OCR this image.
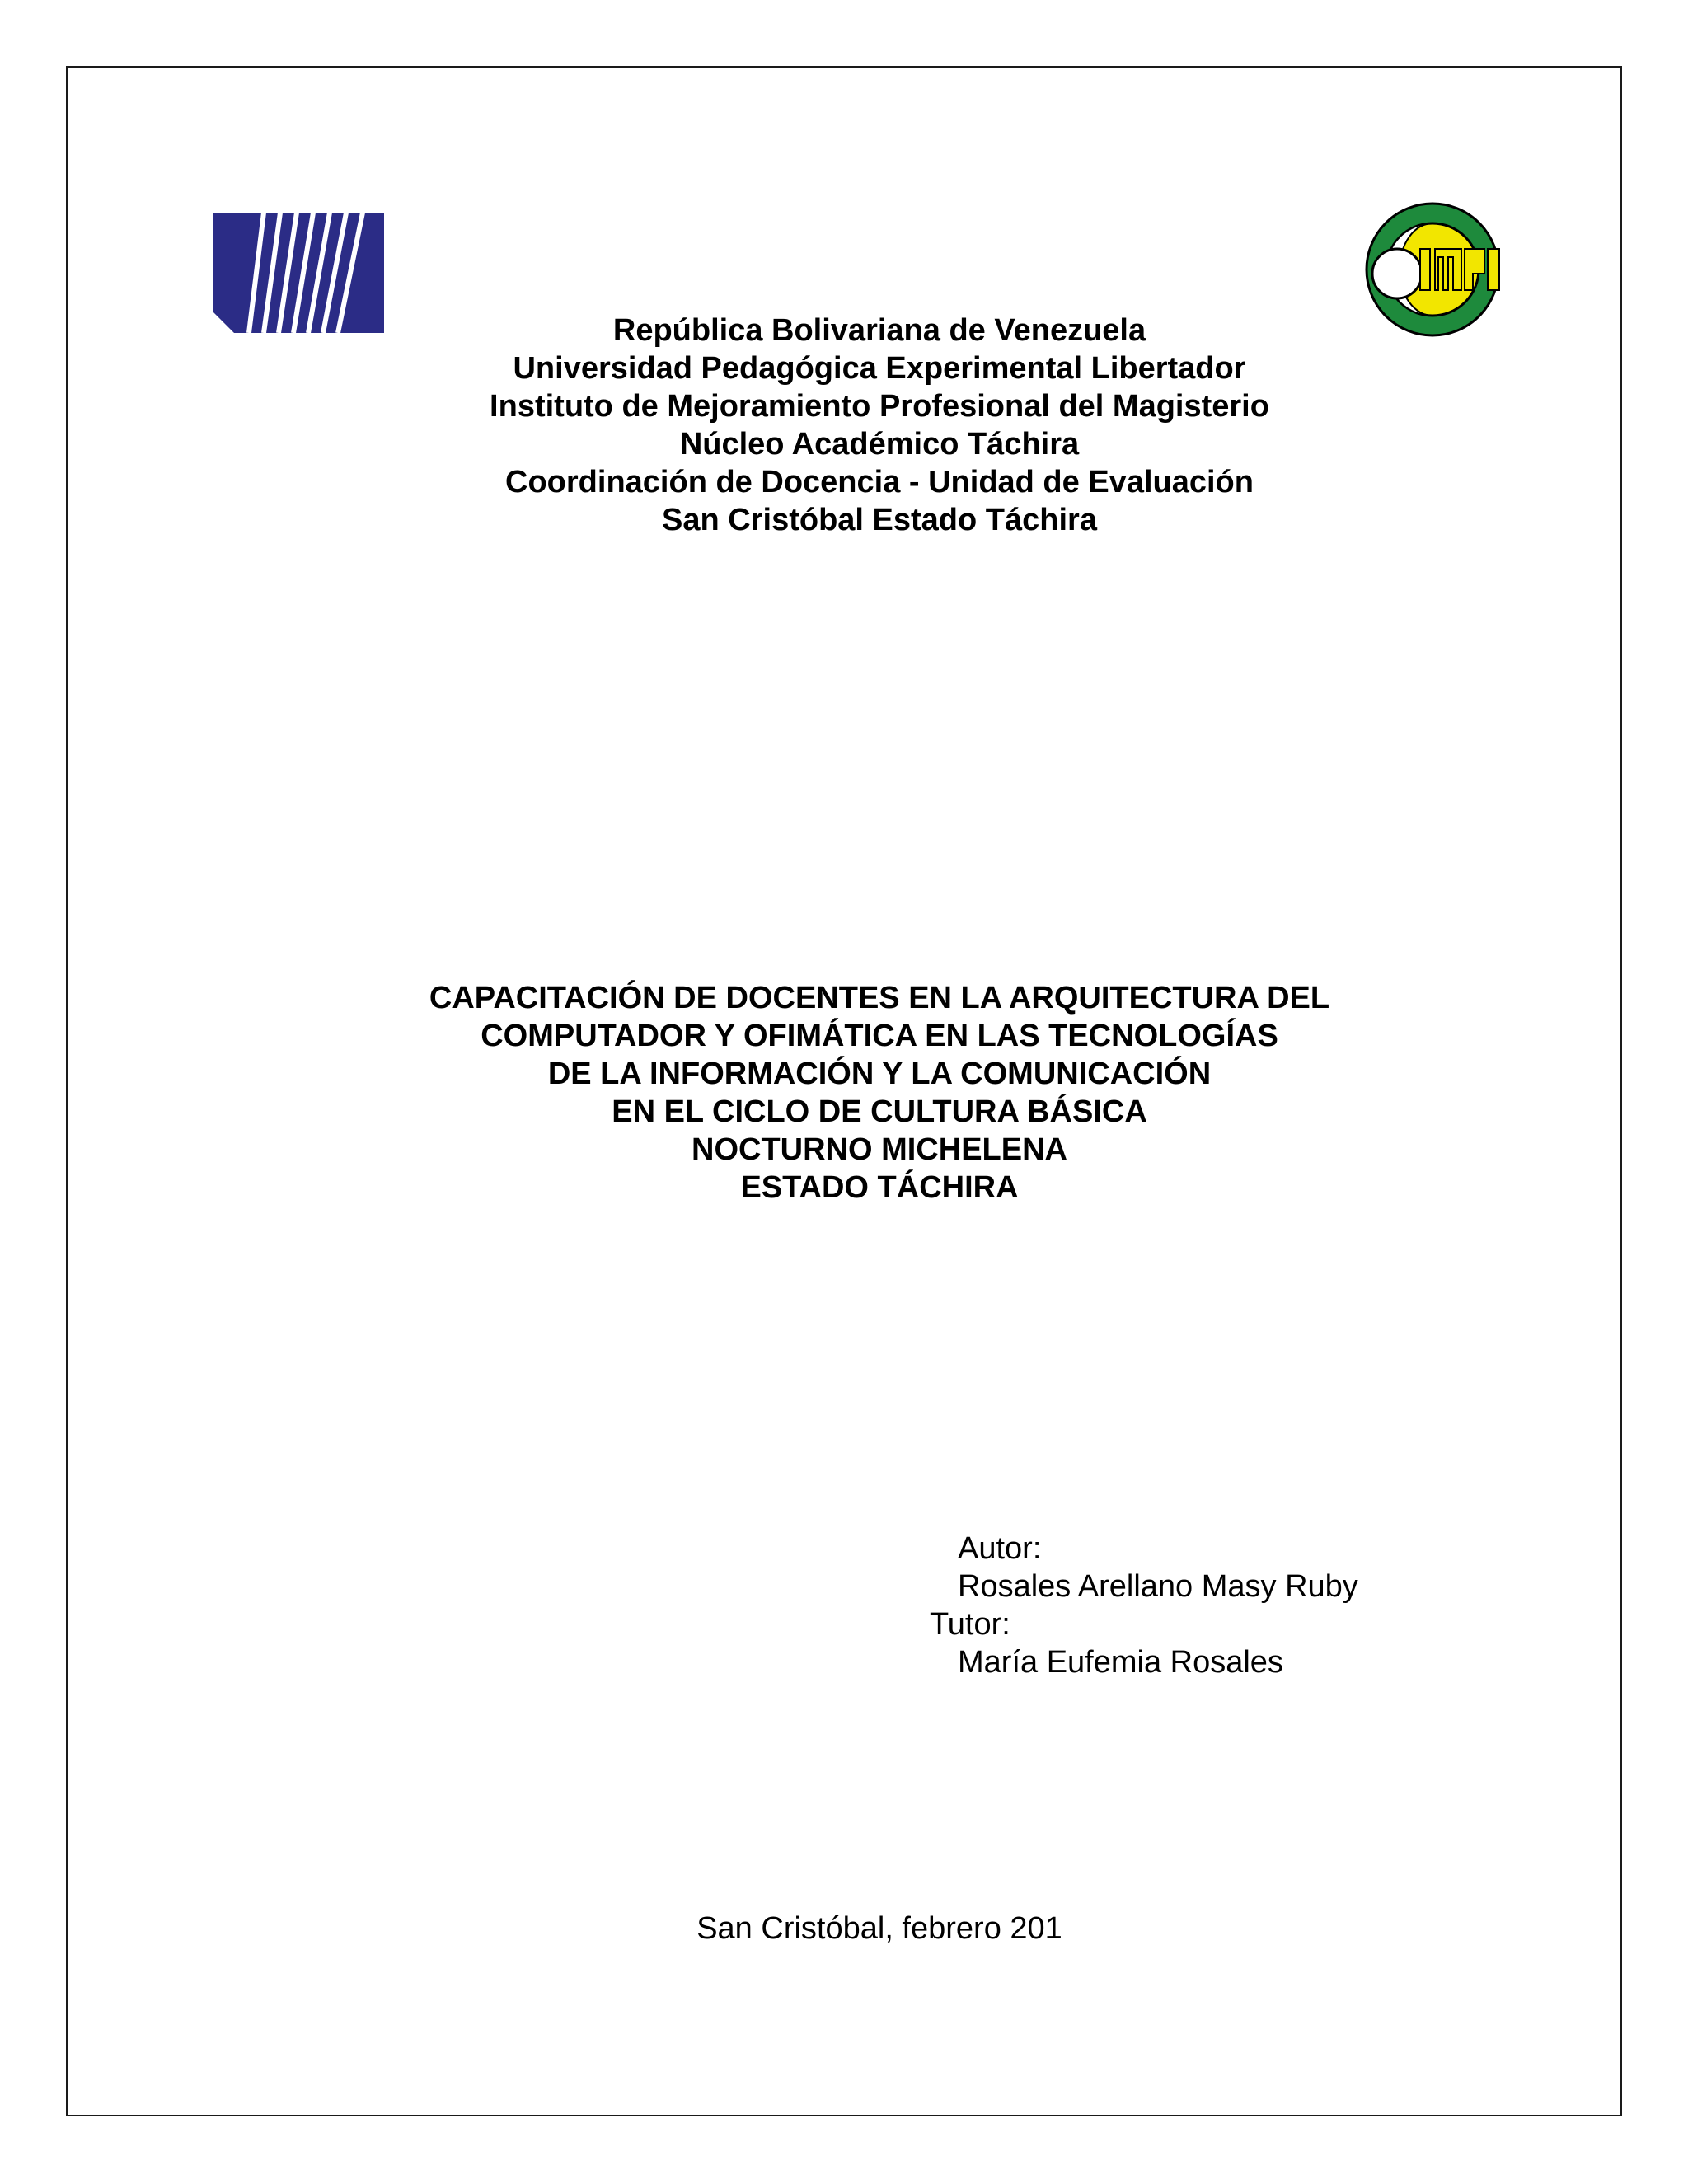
República Bolivariana de Venezuela
Universidad Pedagógica Experimental Libertador
Instituto de Mejoramiento Profesional del Magisterio
Núcleo Académico Táchira
Coordinación de Docencia - Unidad de Evaluación
San Cristóbal Estado Táchira
CAPACITACIÓN DE DOCENTES EN LA ARQUITECTURA DEL
COMPUTADOR Y OFIMÁTICA EN LAS TECNOLOGÍAS
DE LA INFORMACIÓN Y LA COMUNICACIÓN
EN EL CICLO DE CULTURA BÁSICA
NOCTURNO MICHELENA
ESTADO TÁCHIRA
Autor:
Rosales Arellano Masy Ruby
Tutor:
María Eufemia Rosales
San Cristóbal, febrero 201
